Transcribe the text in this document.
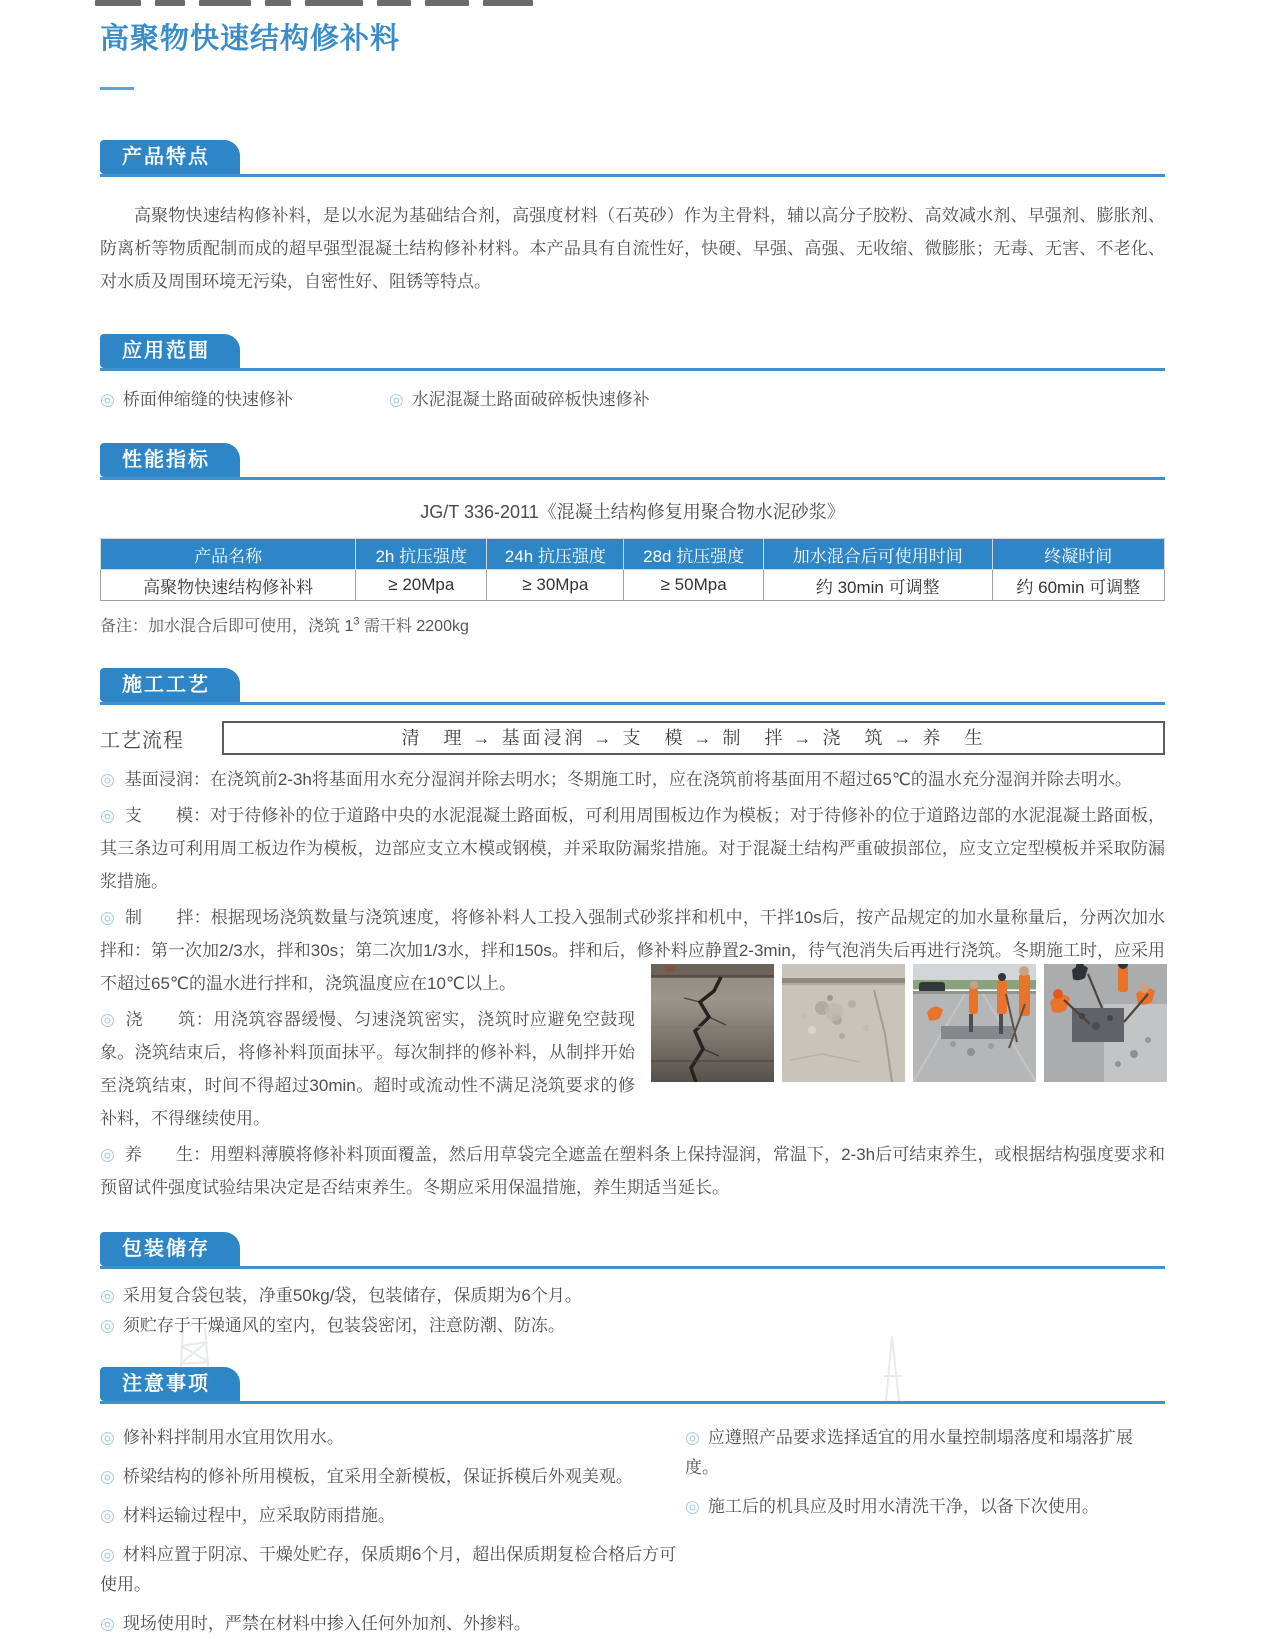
高聚物快速结构修补料
产品特点

高聚物快速结构修补料，是以水泥为基础结合剂，高强度材料（石英砂）作为主骨料，辅以高分子胶粉、高效减水剂、早强剂、膨胀剂、防离析等物质配制而成的超早强型混凝土结构修补材料。本产品具有自流性好，快硬、早强、高强、无收缩、微膨胀；无毒、无害、不老化、对水质及周围环境无污染，自密性好、阻锈等特点。

应用范围
◎ 桥面伸缩缝的快速修补	◎ 水泥混凝土路面破碎板快速修补
性能指标
JG/T 336-2011《混凝土结构修复用聚合物水泥砂浆》
产品名称	2h 抗压强度	24h 抗压强度	28d 抗压强度	加水混合后可使用时间	终凝时间
高聚物快速结构修补料	≥ 20Mpa	≥ 30Mpa	≥ 50Mpa	约 30min 可调整	约 60min 可调整
备注：加水混合后即可使用，浇筑 $1^3$ 需干料 2200kg
施工工艺
工艺流程	清　理 → 基面浸润 → 支　模 → 制　拌 → 浇　筑 → 养　生

◎ 基面浸润：在浇筑前2-3h将基面用水充分湿润并除去明水；冬期施工时，应在浇筑前将基面用不超过65℃的温水充分湿润并除去明水。

◎ 支　　模：对于待修补的位于道路中央的水泥混凝土路面板，可利用周围板边作为模板；对于待修补的位于道路边部的水泥混凝土路面板，其三条边可利用周工板边作为模板，边部应支立木模或钢模，并采取防漏浆措施。对于混凝土结构严重破损部位，应支立定型模板并采取防漏浆措施。

◎ 制　　拌：根据现场浇筑数量与浇筑速度，将修补料人工投入强制式砂浆拌和机中，干拌10s后，按产品规定的加水量称量后，分两次加水拌和：第一次加2/3水，拌和30s；第二次加1/3水，拌和150s。拌和后，修补料应静置2-3min，待气泡消失后再进行浇筑。冬期施工时，应采用不超过65℃的温水进行拌和，浇筑温度应在10℃以上。

◎ 浇　　筑：用浇筑容器缓慢、匀速浇筑密实，浇筑时应避免空鼓现象。浇筑结束后，将修补料顶面抹平。每次制拌的修补料，从制拌开始至浇筑结束，时间不得超过30min。超时或流动性不满足浇筑要求的修补料，不得继续使用。

◎ 养　　生：用塑料薄膜将修补料顶面覆盖，然后用草袋完全遮盖在塑料条上保持湿润，常温下，2-3h后可结束养生，或根据结构强度要求和预留试件强度试验结果决定是否结束养生。冬期应采用保温措施，养生期适当延长。

包装储存
◎ 采用复合袋包装，净重50kg/袋，包装储存，保质期为6个月。
◎ 须贮存于干燥通风的室内，包装袋密闭，注意防潮、防冻。
注意事项
◎ 修补料拌制用水宜用饮用水。
◎ 桥梁结构的修补所用模板，宜采用全新模板，保证拆模后外观美观。
◎ 材料运输过程中，应采取防雨措施。
◎ 材料应置于阴凉、干燥处贮存，保质期6个月，超出保质期复检合格后方可使用。
◎ 现场使用时，严禁在材料中掺入任何外加剂、外掺料。
◎ 应遵照产品要求选择适宜的用水量控制塌落度和塌落扩展度。
◎ 施工后的机具应及时用水清洗干净，以备下次使用。
